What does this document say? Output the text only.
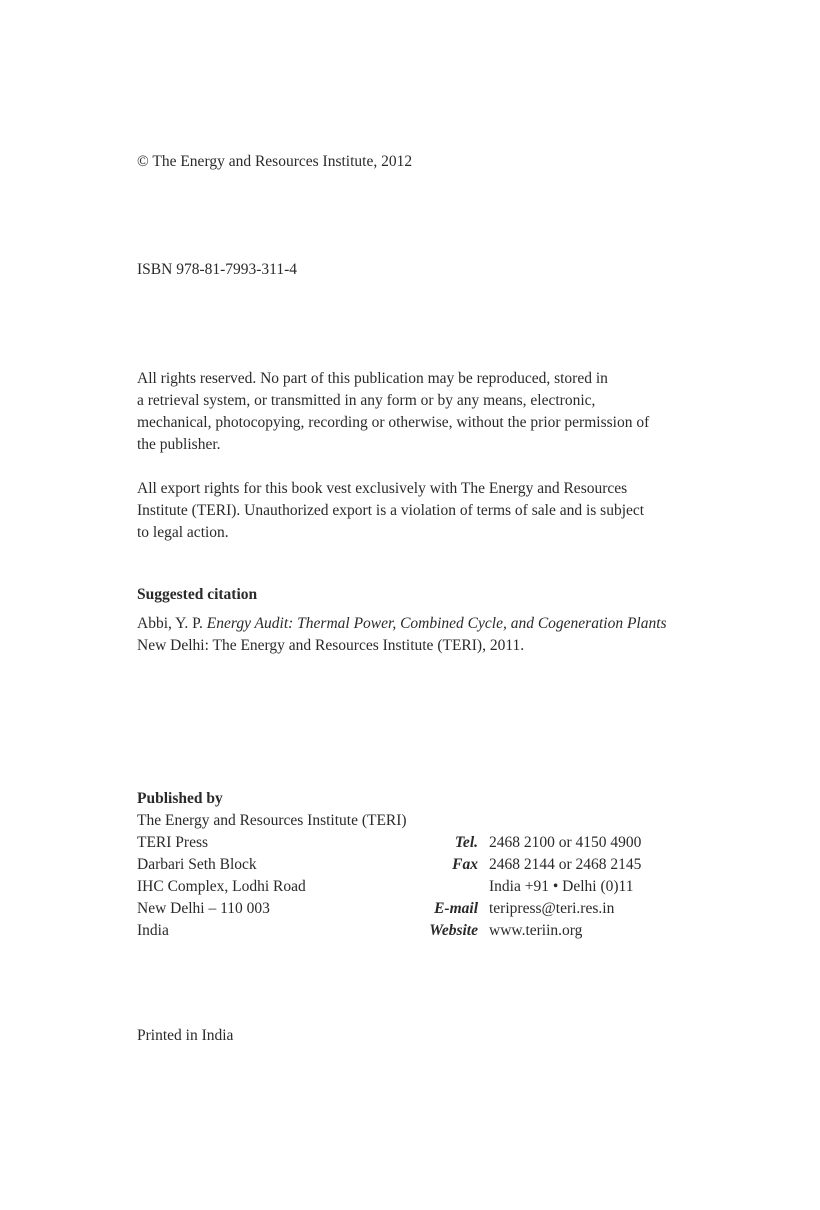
© The Energy and Resources Institute, 2012
ISBN 978-81-7993-311-4

All rights reserved. No part of this publication may be reproduced, stored in
a retrieval system, or transmitted in any form or by any means, electronic,
mechanical, photocopying, recording or otherwise, without the prior permission of
the publisher.

All export rights for this book vest exclusively with The Energy and Resources
Institute (TERI). Unauthorized export is a violation of terms of sale and is subject
to legal action.

Suggested citation
Abbi, Y. P. Energy Audit: Thermal Power, Combined Cycle, and Cogeneration Plants
New Delhi: The Energy and Resources Institute (TERI), 2011.
Published by
The Energy and Resources Institute (TERI)
TERI Press	Tel. 2468 2100 or 4150 4900
Darbari Seth Block	Fax 2468 2144 or 2468 2145
IHC Complex, Lodhi Road	India +91 • Delhi (0)11
New Delhi – 110 003	E-mail teripress@teri.res.in
India	Website www.teriin.org
Printed in India
